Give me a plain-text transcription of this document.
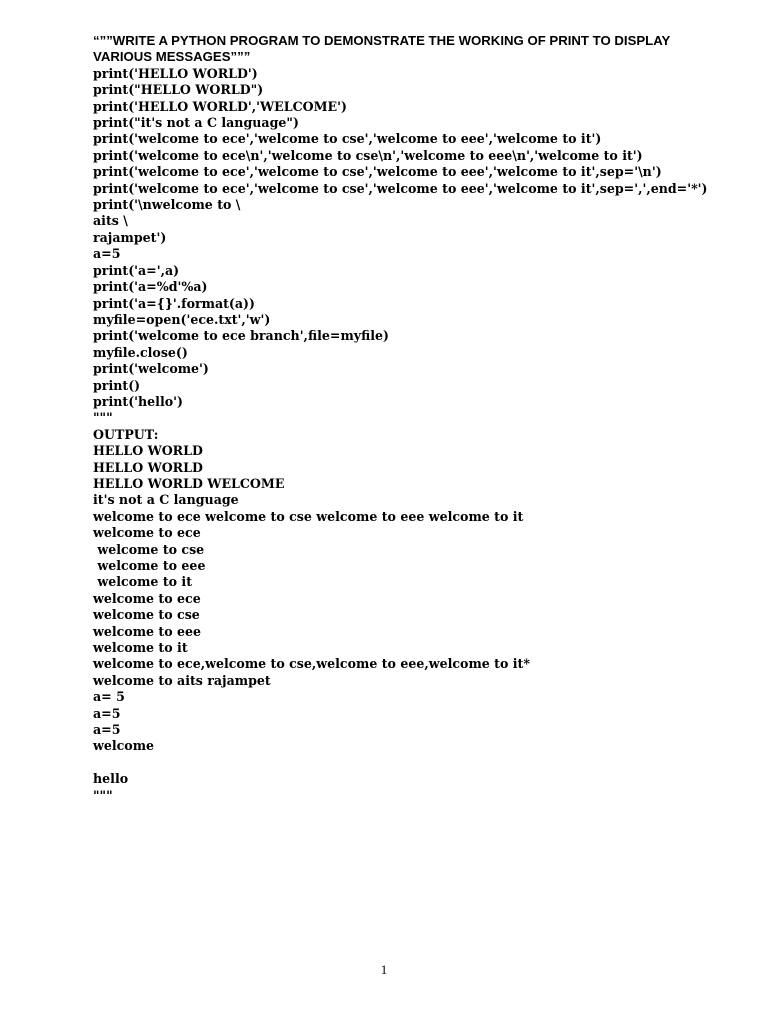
“””WRITE A PYTHON PROGRAM TO DEMONSTRATE THE WORKING OF PRINT TO DISPLAY
VARIOUS MESSAGES”””
print('HELLO WORLD')
print("HELLO WORLD")
print('HELLO WORLD','WELCOME')
print("it's not a C language")
print('welcome to ece','welcome to cse','welcome to eee','welcome to it')
print('welcome to ece\n','welcome to cse\n','welcome to eee\n','welcome to it')
print('welcome to ece','welcome to cse','welcome to eee','welcome to it',sep='\n')
print('welcome to ece','welcome to cse','welcome to eee','welcome to it',sep=',',end='*')
print('\nwelcome to \
aits \
rajampet')
a=5
print('a=',a)
print('a=%d'%a)
print('a={}'.format(a))
myfile=open('ece.txt','w')
print('welcome to ece branch',file=myfile)
myfile.close()
print('welcome')
print()
print('hello')
"""
OUTPUT:
HELLO WORLD
HELLO WORLD
HELLO WORLD WELCOME
it's not a C language
welcome to ece welcome to cse welcome to eee welcome to it
welcome to ece
welcome to cse
welcome to eee
welcome to it
welcome to ece
welcome to cse
welcome to eee
welcome to it
welcome to ece,welcome to cse,welcome to eee,welcome to it*
welcome to aits rajampet
a= 5
a=5
a=5
welcome
hello
"""
1
